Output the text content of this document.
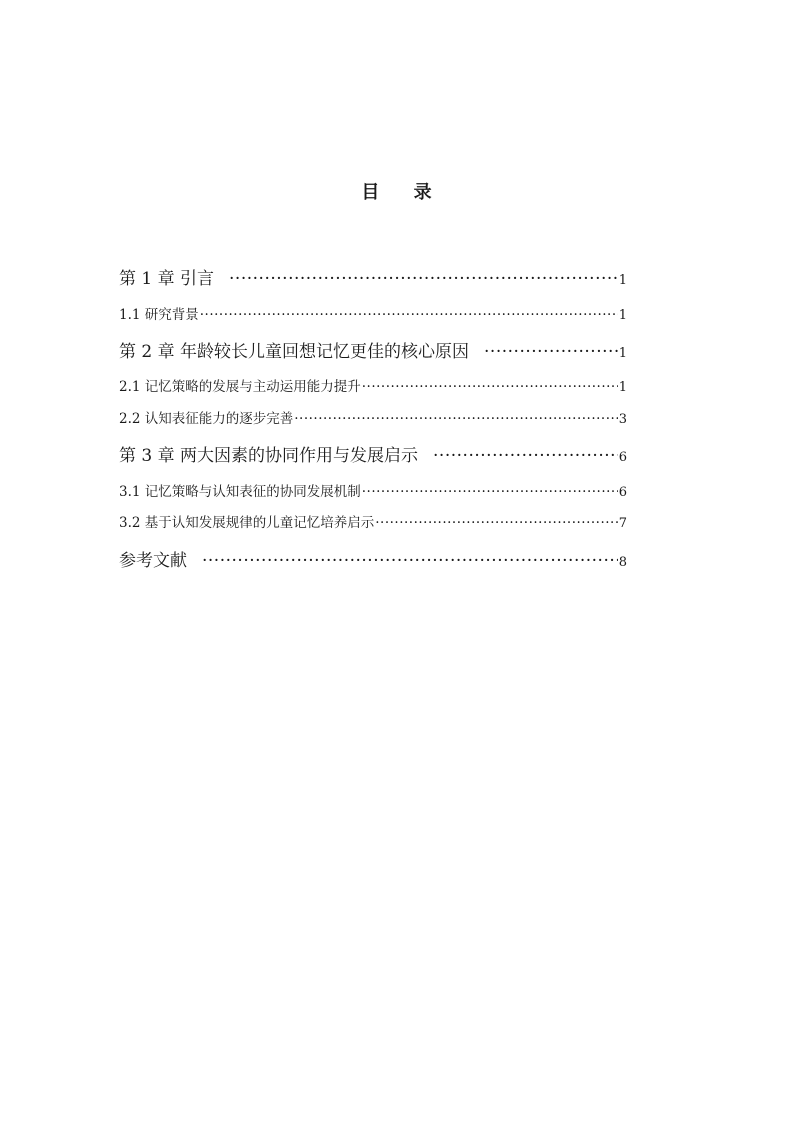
目 录
第 1 章 引言 ·····	1
1.1 研究背景 ·····	1
第 2 章 年龄较长儿童回想记忆更佳的核心原因 ·····	1
2.1 记忆策略的发展与主动运用能力提升 ·····	1
2.2 认知表征能力的逐步完善 ·····	3
第 3 章 两大因素的协同作用与发展启示 ·····	6
3.1 记忆策略与认知表征的协同发展机制 ·····	6
3.2 基于认知发展规律的儿童记忆培养启示 ·····	7
参考文献 ·····	8
